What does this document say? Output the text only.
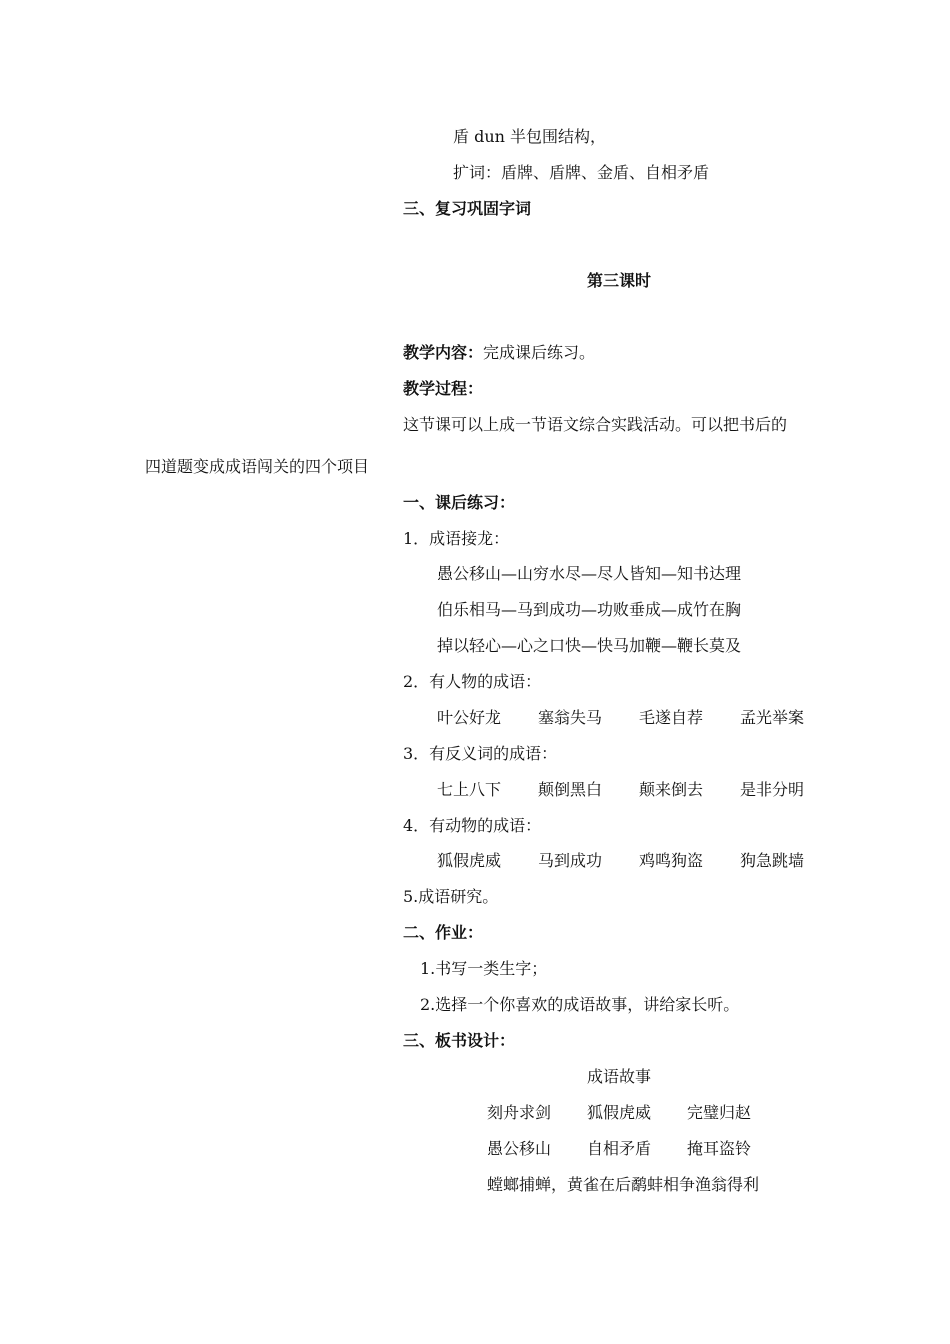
盾 dun 半包围结构，
扩词：盾牌、盾牌、金盾、自相矛盾
三、复习巩固字词
第三课时
教学内容：完成课后练习。
教学过程：
这节课可以上成一节语文综合实践活动。可以把书后的
四道题变成成语闯关的四个项目
一、课后练习：
1．成语接龙：
愚公移山—山穷水尽—尽人皆知—知书达理
伯乐相马—马到成功—功败垂成—成竹在胸
掉以轻心—心之口快—快马加鞭—鞭长莫及
2．有人物的成语：
叶公好龙	塞翁失马	毛遂自荐	孟光举案
3．有反义词的成语：
七上八下	颠倒黑白	颠来倒去	是非分明
4．有动物的成语：
狐假虎威	马到成功	鸡鸣狗盗	狗急跳墙
5.成语研究。
二、作业：
1.书写一类生字；
2.选择一个你喜欢的成语故事，讲给家长听。
三、板书设计：
成语故事
刻舟求剑	狐假虎威	完璧归赵
愚公移山	自相矛盾	掩耳盗铃
螳螂捕蝉，黄雀在后鹬蚌相争渔翁得利
